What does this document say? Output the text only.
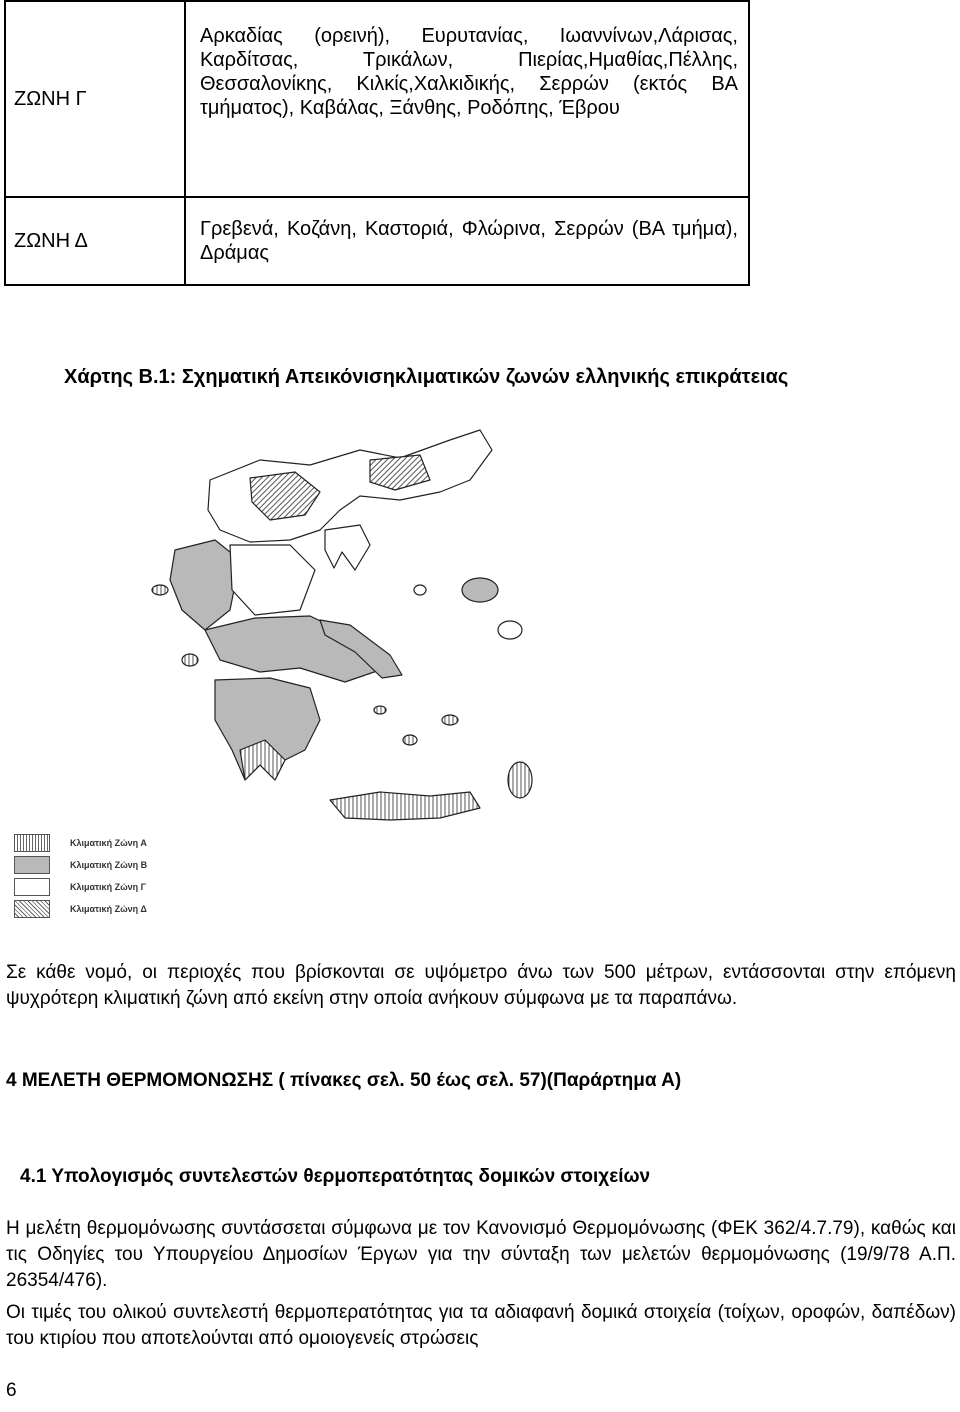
ΖΩΝΗ Γ	Αρκαδίας (ορεινή), Ευρυτανίας, Ιωαννίνων,Λάρισας, Καρδίτσας, Τρικάλων, Πιερίας,Ημαθίας,Πέλλης, Θεσσαλονίκης, Κιλκίς,Χαλκιδικής, Σερρών (εκτός ΒΑ τμήματος), Καβάλας, Ξάνθης, Ροδόπης, Έβρου
ΖΩΝΗ Δ	Γρεβενά, Κοζάνη, Καστοριά, Φλώρινα, Σερρών (ΒΑ τμήμα), Δράμας
Χάρτης Β.1: Σχηματική Απεικόνισηκλιματικών ζωνών ελληνικής επικράτειας
Κλιματική Ζώνη Α
Κλιματική Ζώνη Β
Κλιματική Ζώνη Γ
Κλιματική Ζώνη Δ
Σε κάθε νομό, οι περιοχές που βρίσκονται σε υψόμετρο άνω των 500 μέτρων, εντάσσονται στην επόμενη ψυχρότερη κλιματική ζώνη από εκείνη στην οποία ανήκουν σύμφωνα με τα παραπάνω.
4 ΜΕΛΕΤΗ ΘΕΡΜΟΜΟΝΩΣΗΣ ( πίνακες σελ. 50 έως σελ. 57)(Παράρτημα Α)
4.1 Υπολογισμός συντελεστών θερμοπερατότητας δομικών στοιχείων
Η μελέτη θερμομόνωσης συντάσσεται σύμφωνα με τον Κανονισμό Θερμομόνωσης (ΦΕΚ 362/4.7.79), καθώς και τις Οδηγίες του Υπουργείου Δημοσίων Έργων για την σύνταξη των μελετών θερμομόνωσης (19/9/78 Α.Π. 26354/476).
Οι τιμές του ολικού συντελεστή θερμοπερατότητας για τα αδιαφανή δομικά στοιχεία (τοίχων, οροφών, δαπέδων) του κτιρίου που αποτελούνται από ομοιογενείς στρώσεις
6
